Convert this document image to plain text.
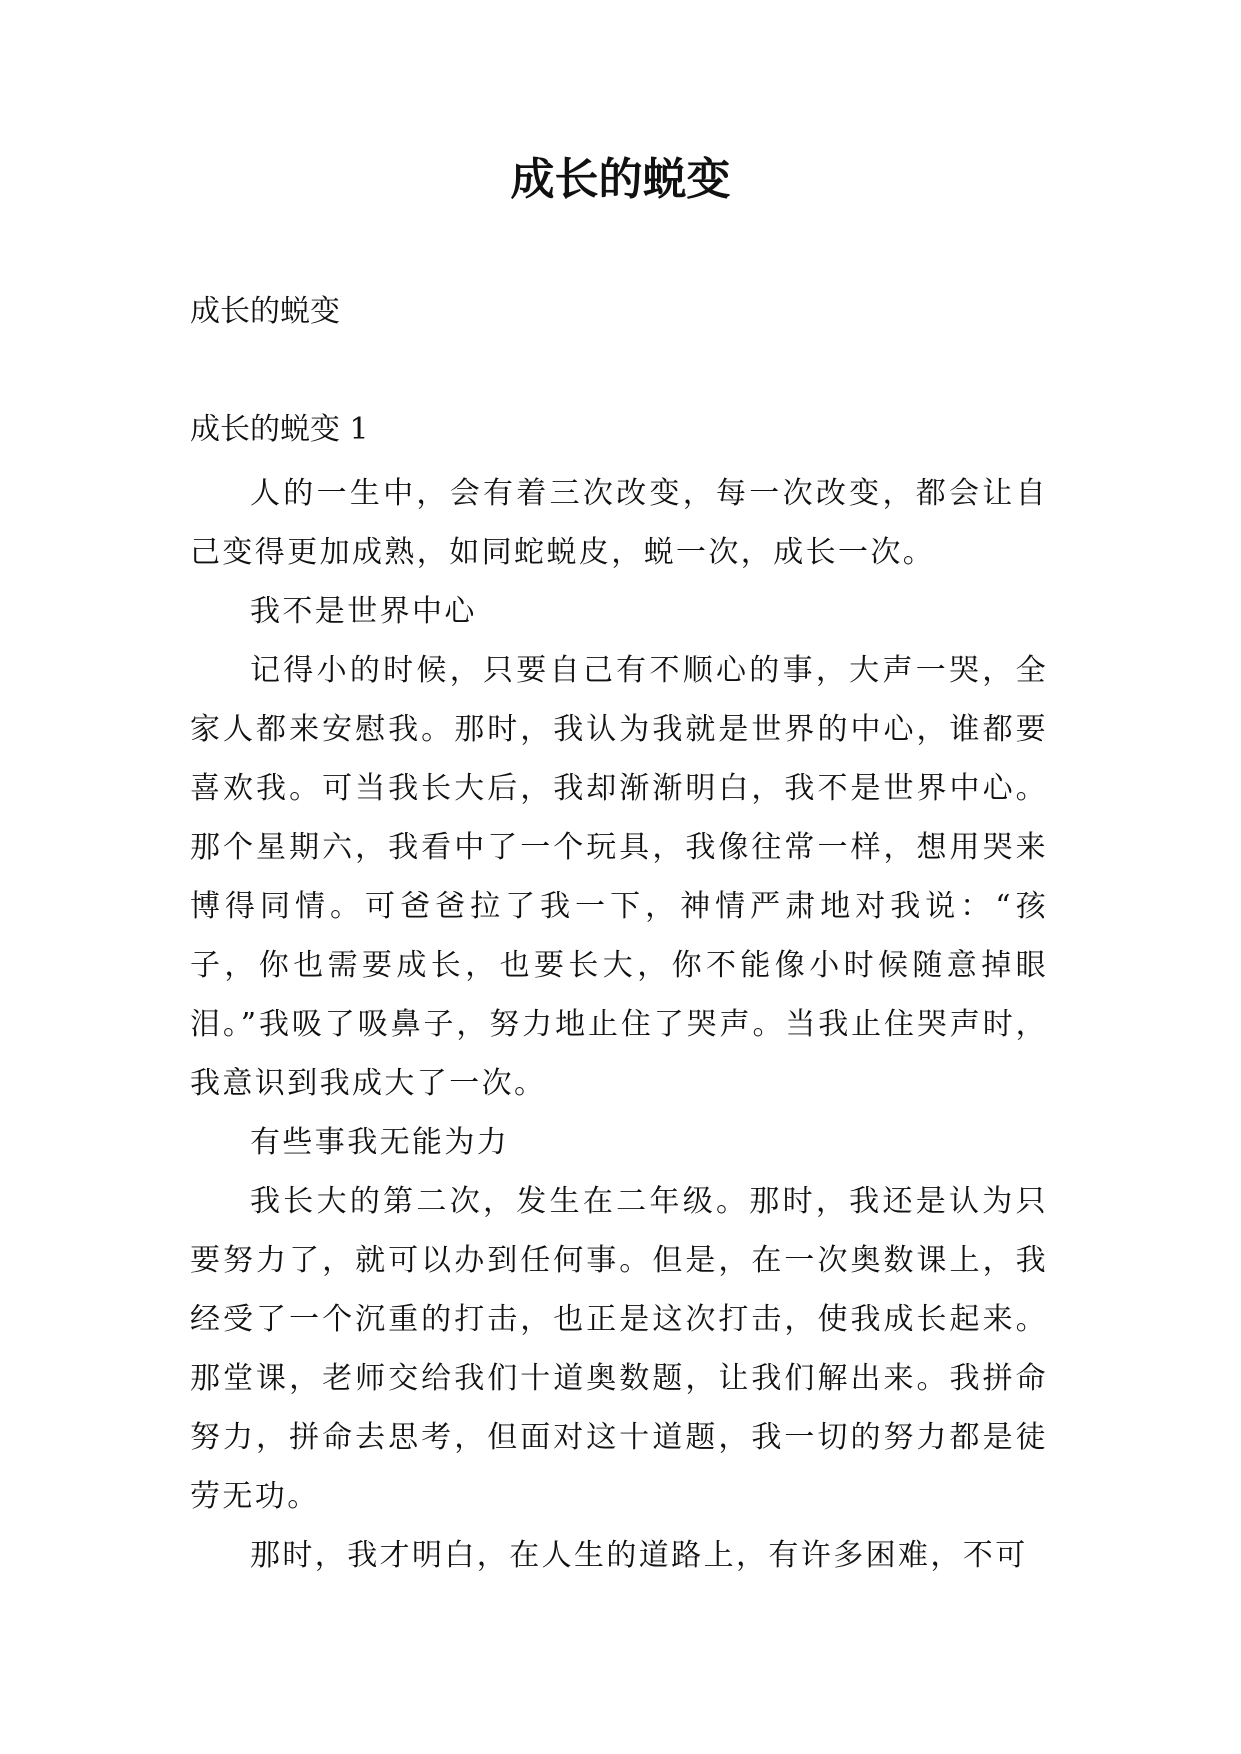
成长的蜕变

成长的蜕变

成长的蜕变 1

人的一生中，会有着三次改变，每一次改变，都会让自己变得更加成熟，如同蛇蜕皮，蜕一次，成长一次。

我不是世界中心

记得小的时候，只要自己有不顺心的事，大声一哭，全家人都来安慰我。那时，我认为我就是世界的中心，谁都要喜欢我。可当我长大后，我却渐渐明白，我不是世界中心。那个星期六，我看中了一个玩具，我像往常一样，想用哭来博得同情。可爸爸拉了我一下，神情严肃地对我说：“孩子，你也需要成长，也要长大，你不能像小时候随意掉眼泪。”我吸了吸鼻子，努力地止住了哭声。当我止住哭声时，我意识到我成大了一次。

有些事我无能为力

我长大的第二次，发生在二年级。那时，我还是认为只要努力了，就可以办到任何事。但是，在一次奥数课上，我经受了一个沉重的打击，也正是这次打击，使我成长起来。那堂课，老师交给我们十道奥数题，让我们解出来。我拼命努力，拼命去思考，但面对这十道题，我一切的努力都是徒劳无功。

那时，我才明白，在人生的道路上，有许多困难，不可
